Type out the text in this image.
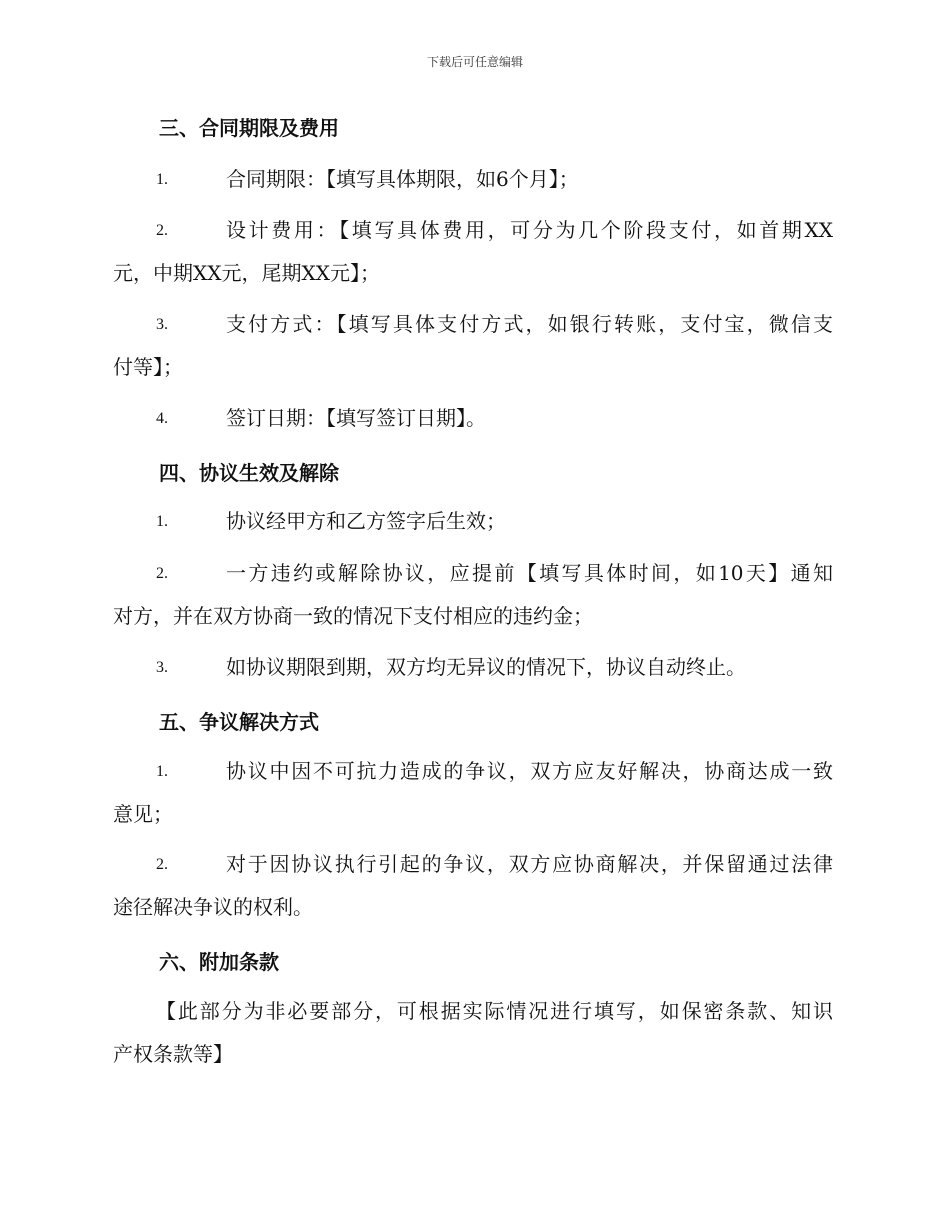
下载后可任意编辑
三、合同期限及费用
1.	合同期限：【填写具体期限，如6个月】；
2.	设计费用：【填写具体费用，可分为几个阶段支付，如首期XX
元，中期XX元，尾期XX元】；
3.	支付方式：【填写具体支付方式，如银行转账，支付宝，微信支
付等】；
4.	签订日期：【填写签订日期】。
四、协议生效及解除
1.	协议经甲方和乙方签字后生效；
2.	一方违约或解除协议，应提前【填写具体时间，如10天】通知
对方，并在双方协商一致的情况下支付相应的违约金；
3.	如协议期限到期，双方均无异议的情况下，协议自动终止。
五、争议解决方式
1.	协议中因不可抗力造成的争议，双方应友好解决，协商达成一致
意见；
2.	对于因协议执行引起的争议，双方应协商解决，并保留通过法律
途径解决争议的权利。
六、附加条款
【此部分为非必要部分，可根据实际情况进行填写，如保密条款、知识
产权条款等】
